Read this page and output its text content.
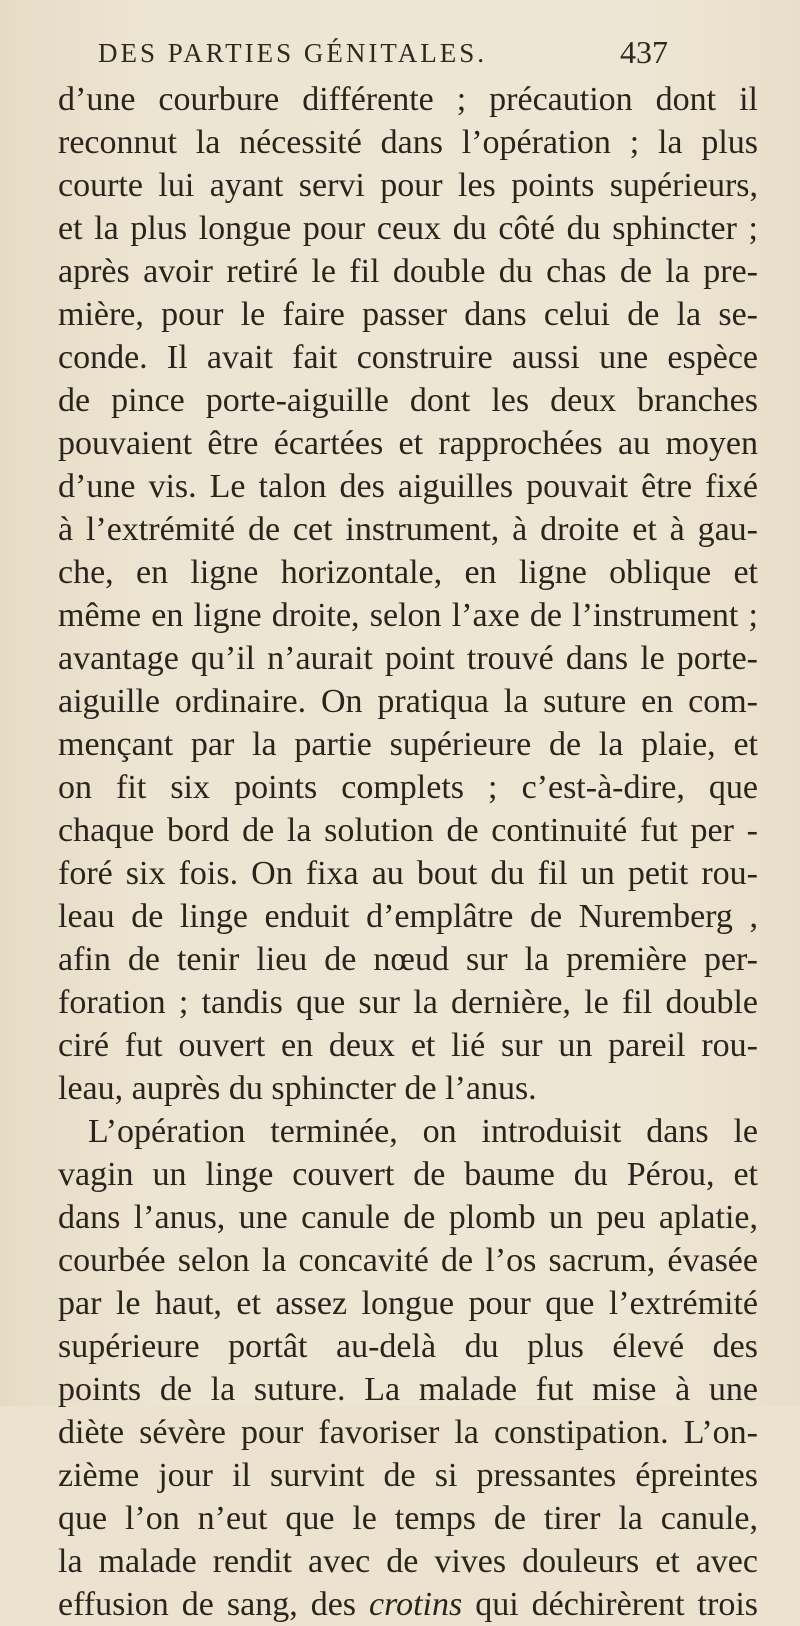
DES PARTIES GÉNITALES.	437
d’une courbure différente ; précaution dont il
reconnut la nécessité dans l’opération ; la plus
courte lui ayant servi pour les points supérieurs,
et la plus longue pour ceux du côté du sphincter ;
après avoir retiré le fil double du chas de la pre-
mière, pour le faire passer dans celui de la se-
conde. Il avait fait construire aussi une espèce
de pince porte-aiguille dont les deux branches
pouvaient être écartées et rapprochées au moyen
d’une vis. Le talon des aiguilles pouvait être fixé
à l’extrémité de cet instrument, à droite et à gau-
che, en ligne horizontale, en ligne oblique et
même en ligne droite, selon l’axe de l’instrument ;
avantage qu’il n’aurait point trouvé dans le porte-
aiguille ordinaire. On pratiqua la suture en com-
mençant par la partie supérieure de la plaie, et
on fit six points complets ; c’est-à-dire, que
chaque bord de la solution de continuité fut per -
foré six fois. On fixa au bout du fil un petit rou-
leau de linge enduit d’emplâtre de Nuremberg ,
afin de tenir lieu de nœud sur la première per-
foration ; tandis que sur la dernière, le fil double
ciré fut ouvert en deux et lié sur un pareil rou-
leau, auprès du sphincter de l’anus.
L’opération terminée, on introduisit dans le
vagin un linge couvert de baume du Pérou, et
dans l’anus, une canule de plomb un peu aplatie,
courbée selon la concavité de l’os sacrum, évasée
par le haut, et assez longue pour que l’extrémité
supérieure portât au-delà du plus élevé des
points de la suture. La malade fut mise à une
diète sévère pour favoriser la constipation. L’on-
zième jour il survint de si pressantes épreintes
que l’on n’eut que le temps de tirer la canule,
la malade rendit avec de vives douleurs et avec
effusion de sang, des crotins qui déchirèrent trois
